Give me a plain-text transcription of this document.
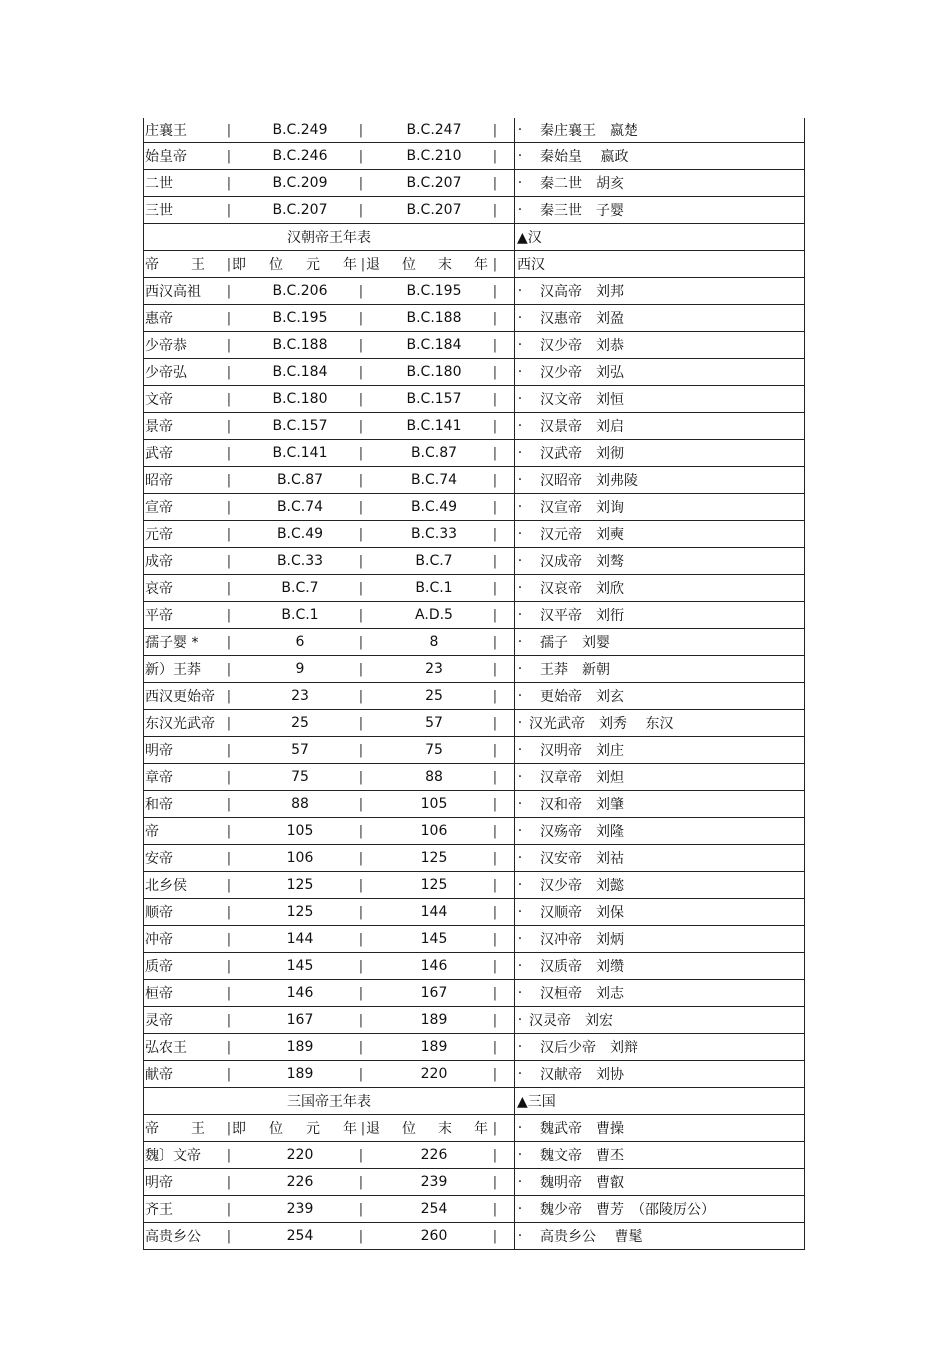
庄襄王	|	B.C.249	|	B.C.247	| · 秦庄襄王　嬴楚
始皇帝	|	B.C.246	|	B.C.210	| · 秦始皇　 嬴政
二世	|	B.C.209	|	B.C.207	| · 秦二世　胡亥
三世	|	B.C.207	|	B.C.207	| · 秦三世　子婴
汉朝帝王年表	▲汉
帝 王 | 即 位 元 年 | 退 位 末 年 | 西汉
西汉高祖	|	B.C.206	|	B.C.195	| · 汉高帝　刘邦
惠帝	|	B.C.195	|	B.C.188	| · 汉惠帝　刘盈
少帝恭	|	B.C.188	|	B.C.184	| · 汉少帝　刘恭
少帝弘	|	B.C.184	|	B.C.180	| · 汉少帝　刘弘
文帝	|	B.C.180	|	B.C.157	| · 汉文帝　刘恒
景帝	|	B.C.157	|	B.C.141	| · 汉景帝　刘启
武帝	|	B.C.141	|	B.C.87	| · 汉武帝　刘彻
昭帝	|	B.C.87	|	B.C.74	| · 汉昭帝　刘弗陵
宣帝	|	B.C.74	|	B.C.49	| · 汉宣帝　刘询
元帝	|	B.C.49	|	B.C.33	| · 汉元帝　刘奭
成帝	|	B.C.33	|	B.C.7	| · 汉成帝　刘骜
哀帝	|	B.C.7	|	B.C.1	| · 汉哀帝　刘欣
平帝	|	B.C.1	|	A.D.5	| · 汉平帝　刘衎
孺子婴 *	|	6	|	8	| · 孺子　刘婴
新）王莽	|	9	|	23	| · 王莽　新朝
西汉更始帝 |	23	|	25	| · 更始帝　刘玄
东汉光武帝 |	25	|	57	| · 汉光武帝　刘秀　 东汉
明帝	|	57	|	75	| · 汉明帝　刘庄
章帝	|	75	|	88	| · 汉章帝　刘炟
和帝	|	88	|	105	| · 汉和帝　刘肇
帝	|	105	|	106	| · 汉殇帝　刘隆
安帝	|	106	|	125	| · 汉安帝　刘祜
北乡侯	|	125	|	125	| · 汉少帝　刘懿
顺帝	|	125	|	144	| · 汉顺帝　刘保
冲帝	|	144	|	145	| · 汉冲帝　刘炳
质帝	|	145	|	146	| · 汉质帝　刘缵
桓帝	|	146	|	167	| · 汉桓帝　刘志
灵帝	|	167	|	189	| · 汉灵帝　刘宏
弘农王	|	189	|	189	| · 汉后少帝　刘辩
献帝	|	189	|	220	| · 汉献帝　刘协
三国帝王年表	▲三国
帝 王 | 即 位 元 年 | 退 位 末 年 | · 魏武帝　曹操
魏〕文帝	|	220	|	226	| · 魏文帝　曹丕
明帝	|	226	|	239	| · 魏明帝　曹叡
齐王	|	239	|	254	| · 魏少帝　曹芳　（邵陵厉公）
高贵乡公	|	254	|	260	| · 高贵乡公　 曹髦
